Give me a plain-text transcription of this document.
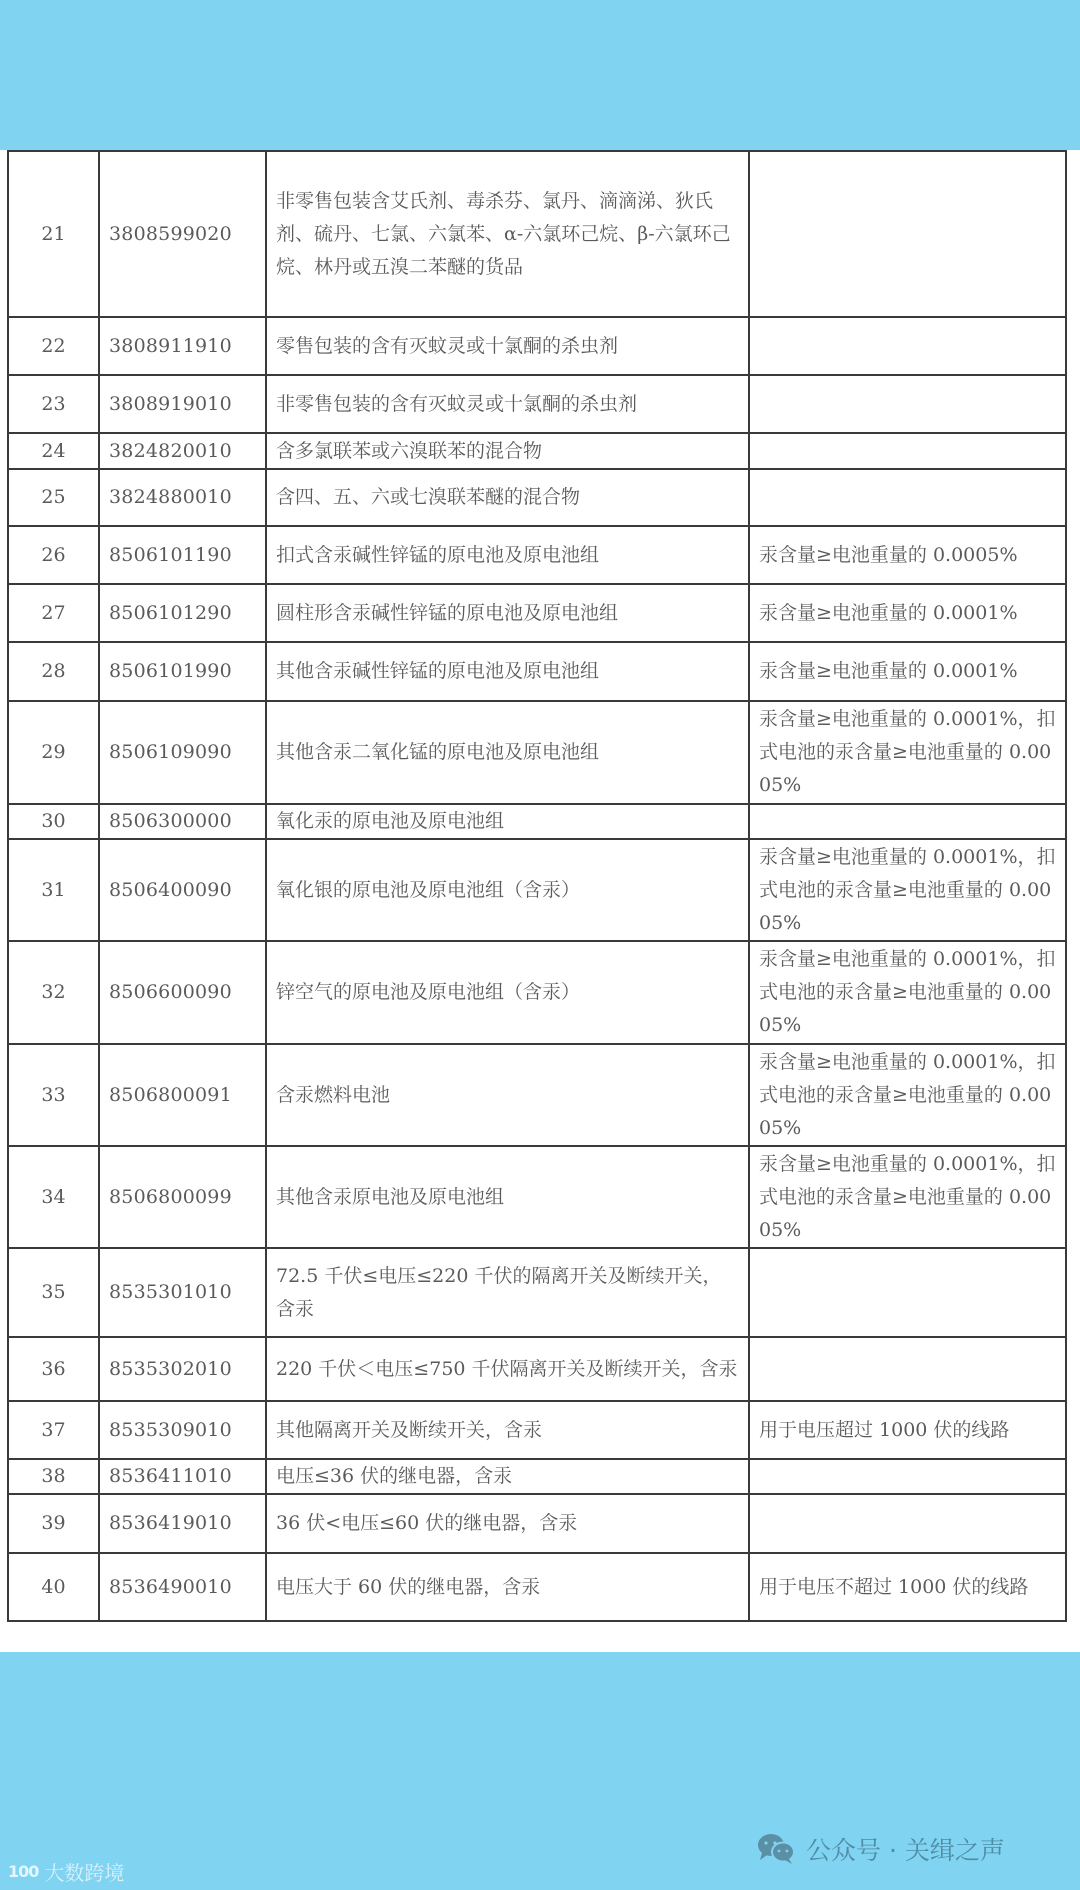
21	3808599020	非零售包装含艾氏剂、毒杀芬、氯丹、滴滴涕、狄氏剂、硫丹、七氯、六氯苯、α-六氯环己烷、β-六氯环己烷、林丹或五溴二苯醚的货品	
22	3808911910	零售包装的含有灭蚊灵或十氯酮的杀虫剂	
23	3808919010	非零售包装的含有灭蚊灵或十氯酮的杀虫剂	
24	3824820010	含多氯联苯或六溴联苯的混合物	
25	3824880010	含四、五、六或七溴联苯醚的混合物	
26	8506101190	扣式含汞碱性锌锰的原电池及原电池组	汞含量≥电池重量的 0.0005%
27	8506101290	圆柱形含汞碱性锌锰的原电池及原电池组	汞含量≥电池重量的 0.0001%
28	8506101990	其他含汞碱性锌锰的原电池及原电池组	汞含量≥电池重量的 0.0001%
29	8506109090	其他含汞二氧化锰的原电池及原电池组	汞含量≥电池重量的 0.0001%，扣式电池的汞含量≥电池重量的 0.0005%
30	8506300000	氧化汞的原电池及原电池组	
31	8506400090	氧化银的原电池及原电池组（含汞）	汞含量≥电池重量的 0.0001%，扣式电池的汞含量≥电池重量的 0.0005%
32	8506600090	锌空气的原电池及原电池组（含汞）	汞含量≥电池重量的 0.0001%，扣式电池的汞含量≥电池重量的 0.0005%
33	8506800091	含汞燃料电池	汞含量≥电池重量的 0.0001%，扣式电池的汞含量≥电池重量的 0.0005%
34	8506800099	其他含汞原电池及原电池组	汞含量≥电池重量的 0.0001%，扣式电池的汞含量≥电池重量的 0.0005%
35	8535301010	72.5 千伏≤电压≤220 千伏的隔离开关及断续开关，含汞	
36	8535302010	220 千伏＜电压≤750 千伏隔离开关及断续开关，含汞	
37	8535309010	其他隔离开关及断续开关，含汞	用于电压超过 1000 伏的线路
38	8536411010	电压≤36 伏的继电器，含汞	
39	8536419010	36 伏<电压≤60 伏的继电器，含汞	
40	8536490010	电压大于 60 伏的继电器，含汞	用于电压不超过 1000 伏的线路
100 大数跨境
公众号 · 关缉之声
